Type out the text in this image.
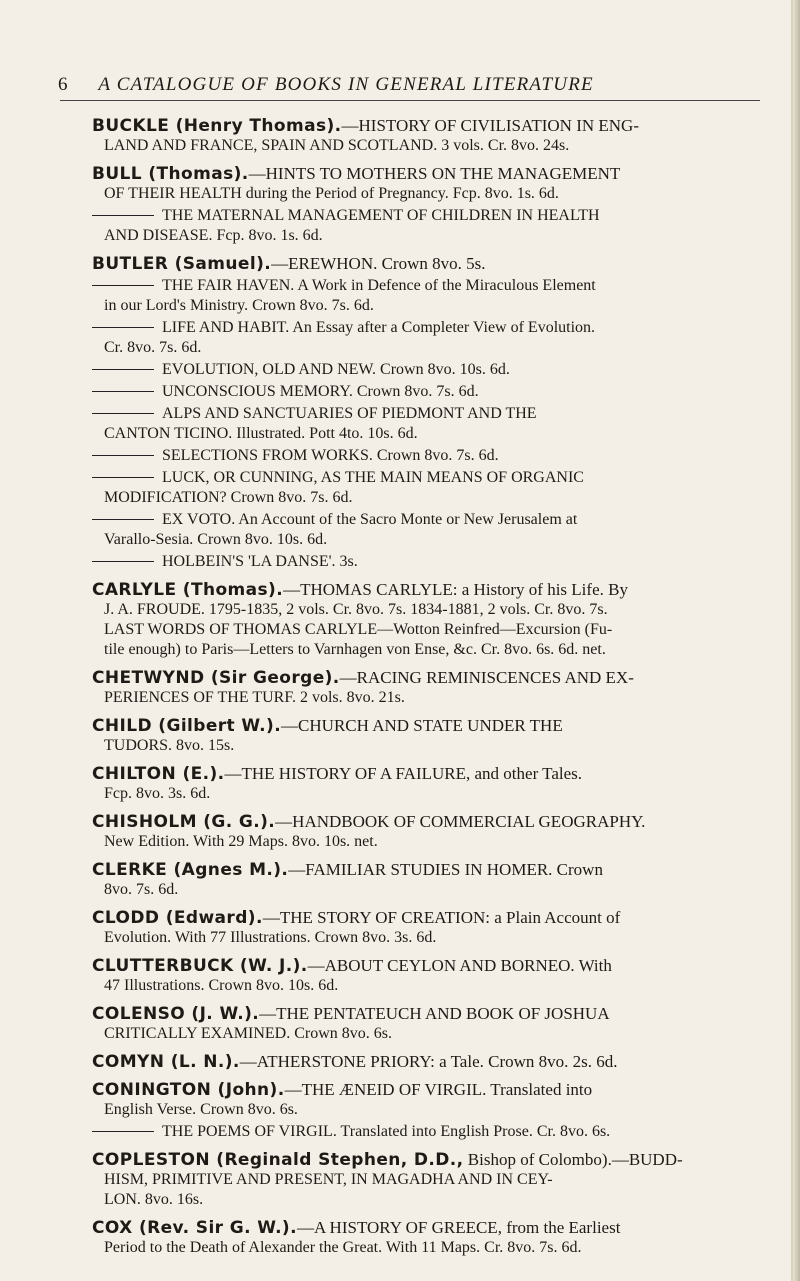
6 A CATALOGUE OF BOOKS IN GENERAL LITERATURE
BUCKLE (Henry Thomas).—HISTORY OF CIVILISATION IN ENG-
LAND AND FRANCE, SPAIN AND SCOTLAND. 3 vols. Cr. 8vo. 24s.
BULL (Thomas).—HINTS TO MOTHERS ON THE MANAGEMENT
OF THEIR HEALTH during the Period of Pregnancy. Fcp. 8vo. 1s. 6d.
THE MATERNAL MANAGEMENT OF CHILDREN IN HEALTH
AND DISEASE. Fcp. 8vo. 1s. 6d.
BUTLER (Samuel).—EREWHON. Crown 8vo. 5s.
THE FAIR HAVEN. A Work in Defence of the Miraculous Element
in our Lord's Ministry. Crown 8vo. 7s. 6d.
LIFE AND HABIT. An Essay after a Completer View of Evolution.
Cr. 8vo. 7s. 6d.
EVOLUTION, OLD AND NEW. Crown 8vo. 10s. 6d.
UNCONSCIOUS MEMORY. Crown 8vo. 7s. 6d.
ALPS AND SANCTUARIES OF PIEDMONT AND THE
CANTON TICINO. Illustrated. Pott 4to. 10s. 6d.
SELECTIONS FROM WORKS. Crown 8vo. 7s. 6d.
LUCK, OR CUNNING, AS THE MAIN MEANS OF ORGANIC
MODIFICATION? Crown 8vo. 7s. 6d.
EX VOTO. An Account of the Sacro Monte or New Jerusalem at
Varallo-Sesia. Crown 8vo. 10s. 6d.
HOLBEIN'S 'LA DANSE'. 3s.
CARLYLE (Thomas).—THOMAS CARLYLE: a History of his Life. By
J. A. FROUDE. 1795-1835, 2 vols. Cr. 8vo. 7s. 1834-1881, 2 vols. Cr. 8vo. 7s.
LAST WORDS OF THOMAS CARLYLE—Wotton Reinfred—Excursion (Fu-
tile enough) to Paris—Letters to Varnhagen von Ense, &c. Cr. 8vo. 6s. 6d. net.
CHETWYND (Sir George).—RACING REMINISCENCES AND EX-
PERIENCES OF THE TURF. 2 vols. 8vo. 21s.
CHILD (Gilbert W.).—CHURCH AND STATE UNDER THE
TUDORS. 8vo. 15s.
CHILTON (E.).—THE HISTORY OF A FAILURE, and other Tales.
Fcp. 8vo. 3s. 6d.
CHISHOLM (G. G.).—HANDBOOK OF COMMERCIAL GEOGRAPHY.
New Edition. With 29 Maps. 8vo. 10s. net.
CLERKE (Agnes M.).—FAMILIAR STUDIES IN HOMER. Crown
8vo. 7s. 6d.
CLODD (Edward).—THE STORY OF CREATION: a Plain Account of
Evolution. With 77 Illustrations. Crown 8vo. 3s. 6d.
CLUTTERBUCK (W. J.).—ABOUT CEYLON AND BORNEO. With
47 Illustrations. Crown 8vo. 10s. 6d.
COLENSO (J. W.).—THE PENTATEUCH AND BOOK OF JOSHUA
CRITICALLY EXAMINED. Crown 8vo. 6s.
COMYN (L. N.).—ATHERSTONE PRIORY: a Tale. Crown 8vo. 2s. 6d.
CONINGTON (John).—THE ÆNEID OF VIRGIL. Translated into
English Verse. Crown 8vo. 6s.
THE POEMS OF VIRGIL. Translated into English Prose. Cr. 8vo. 6s.
COPLESTON (Reginald Stephen, D.D., Bishop of Colombo).—BUDD-
HISM, PRIMITIVE AND PRESENT, IN MAGADHA AND IN CEY-
LON. 8vo. 16s.
COX (Rev. Sir G. W.).—A HISTORY OF GREECE, from the Earliest
Period to the Death of Alexander the Great. With 11 Maps. Cr. 8vo. 7s. 6d.
